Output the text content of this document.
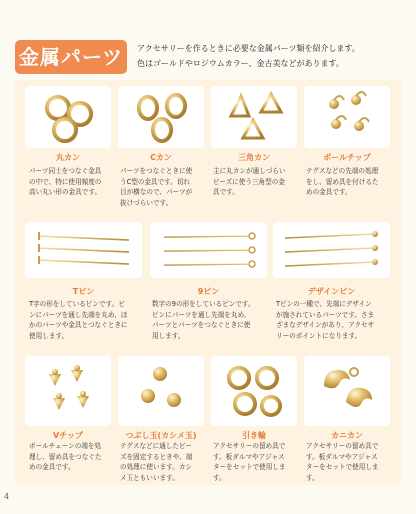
金属パーツ	アクセサリーを作るときに必要な金属パーツ類を紹介します。
色はゴールドやロジウムカラー、金古美などがあります。
丸カン	Cカン	三角カン	ボールチップ
パーツ同士をつなぐ金具
の中で、特に使用頻度の
高い丸い形の金具です。
パーツをつなぐときに使
うC型の金具です。切れ
目が横なので、パーツが
抜けづらいです。
主に丸カンが通しづらい
ビーズに使う三角型の金
具です。
テグスなどの先端の処理
をし、留め具を付けるた
めの金具です。
Tピン	9ピン	デザインピン
T字の形をしているピンです。ビ
ンにパーツを通し先端を丸め、ほ
かのパーツや金具とつなぐときに
使用します。
数字の9の形をしているピンです。
ピンにパーツを通し先端を丸め、
パーツとパーツをつなぐときに使
用します。
Tピンの一種で、先端にデザイン
が施されているパーツです。さま
ざまなデザインがあり、アクセサ
リーのポイントになります。
Vチップ	つぶし玉(カシメ玉)	引き輪	カニカン
ボールチェーンの端を処
理し、留め具をつなぐた
めの金具です。
テグスなどに通したビー
ズを固定するときや、端
の処理に使います。カシ
メ玉ともいいます。
アクセサリーの留め具で
す。板ダルマやアジャス
ターをセットで使用しま
す。
アクセサリーの留め具で
す。板ダルマやアジャス
ターをセットで使用しま
す。
4
